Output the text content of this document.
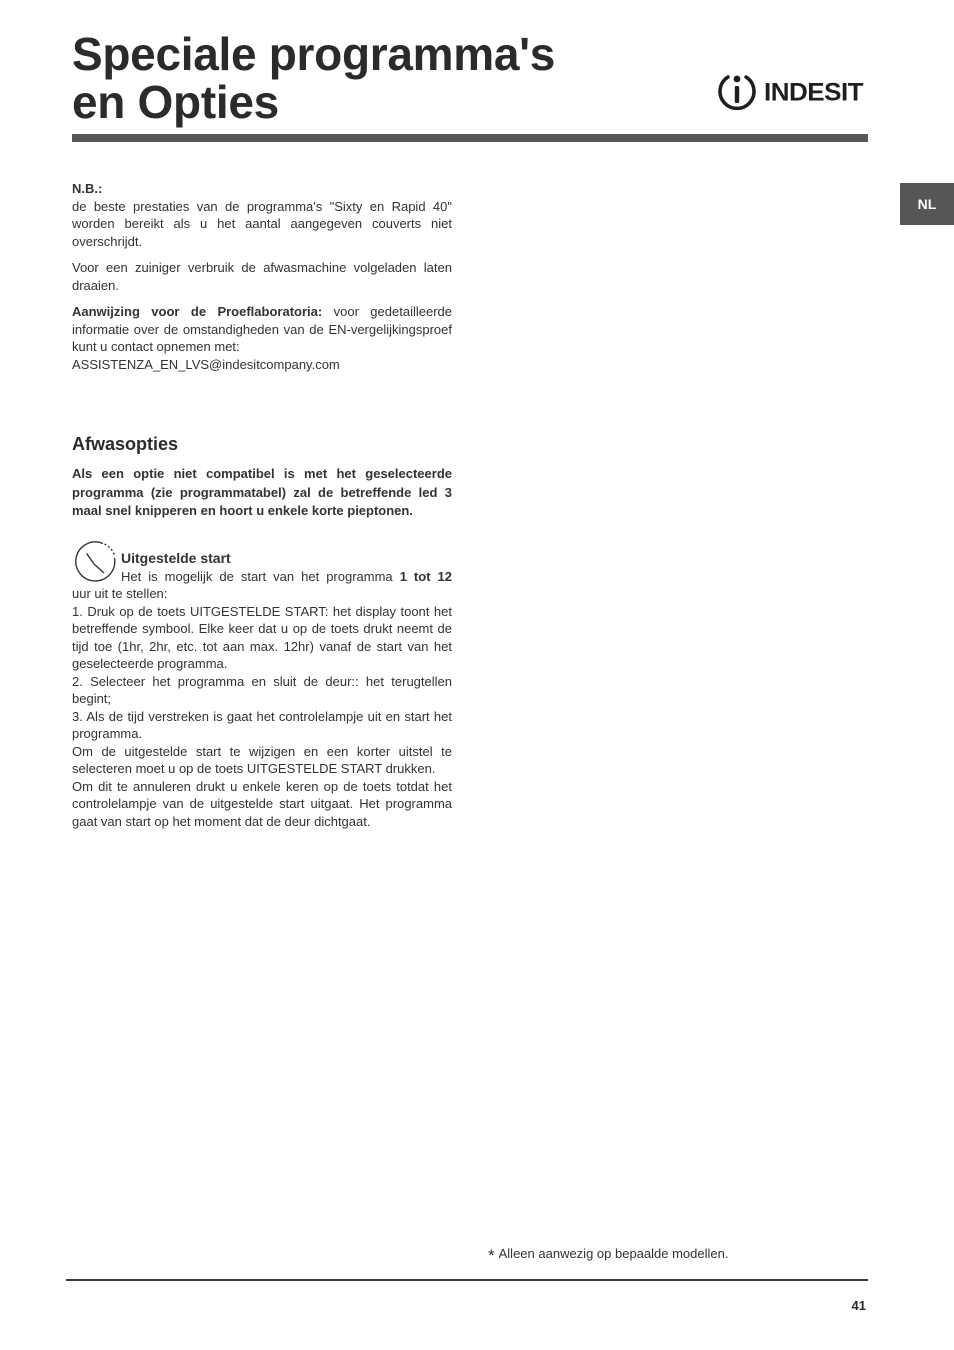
Speciale programma's
en Opties	INDESIT
NL

N.B.:

de beste prestaties van de programma's "Sixty en Rapid 40" worden bereikt als u het aantal aangegeven couverts niet overschrijdt.

Voor een zuiniger verbruik de afwasmachine volgeladen laten draaien.

Aanwijzing voor de Proeflaboratoria: voor gedetailleerde informatie over de omstandigheden van de EN-vergelijkingsproef kunt u contact opnemen met:

ASSISTENZA_EN_LVS@indesitcompany.com

Afwasopties

Als een optie niet compatibel is met het geselecteerde programma (zie programmatabel) zal de betreffende led 3 maal snel knipperen en hoort u enkele korte pieptonen.

Uitgestelde start

Het is mogelijk de start van het programma 1 tot 12

uur uit te stellen:

1. Druk op de toets UITGESTELDE START: het display toont het betreffende symbool. Elke keer dat u op de toets drukt neemt de tijd toe (1hr, 2hr, etc. tot aan max. 12hr) vanaf de start van het geselecteerde programma.

2. Selecteer het programma en sluit de deur:: het terugtellen begint;

3. Als de tijd verstreken is gaat het controlelampje uit en start het programma.

Om de uitgestelde start te wijzigen en een korter uitstel te selecteren moet u op de toets UITGESTELDE START drukken.

Om dit te annuleren drukt u enkele keren op de toets totdat het controlelampje van de uitgestelde start uitgaat. Het programma gaat van start op het moment dat de deur dichtgaat.

* Alleen aanwezig op bepaalde modellen.
41
